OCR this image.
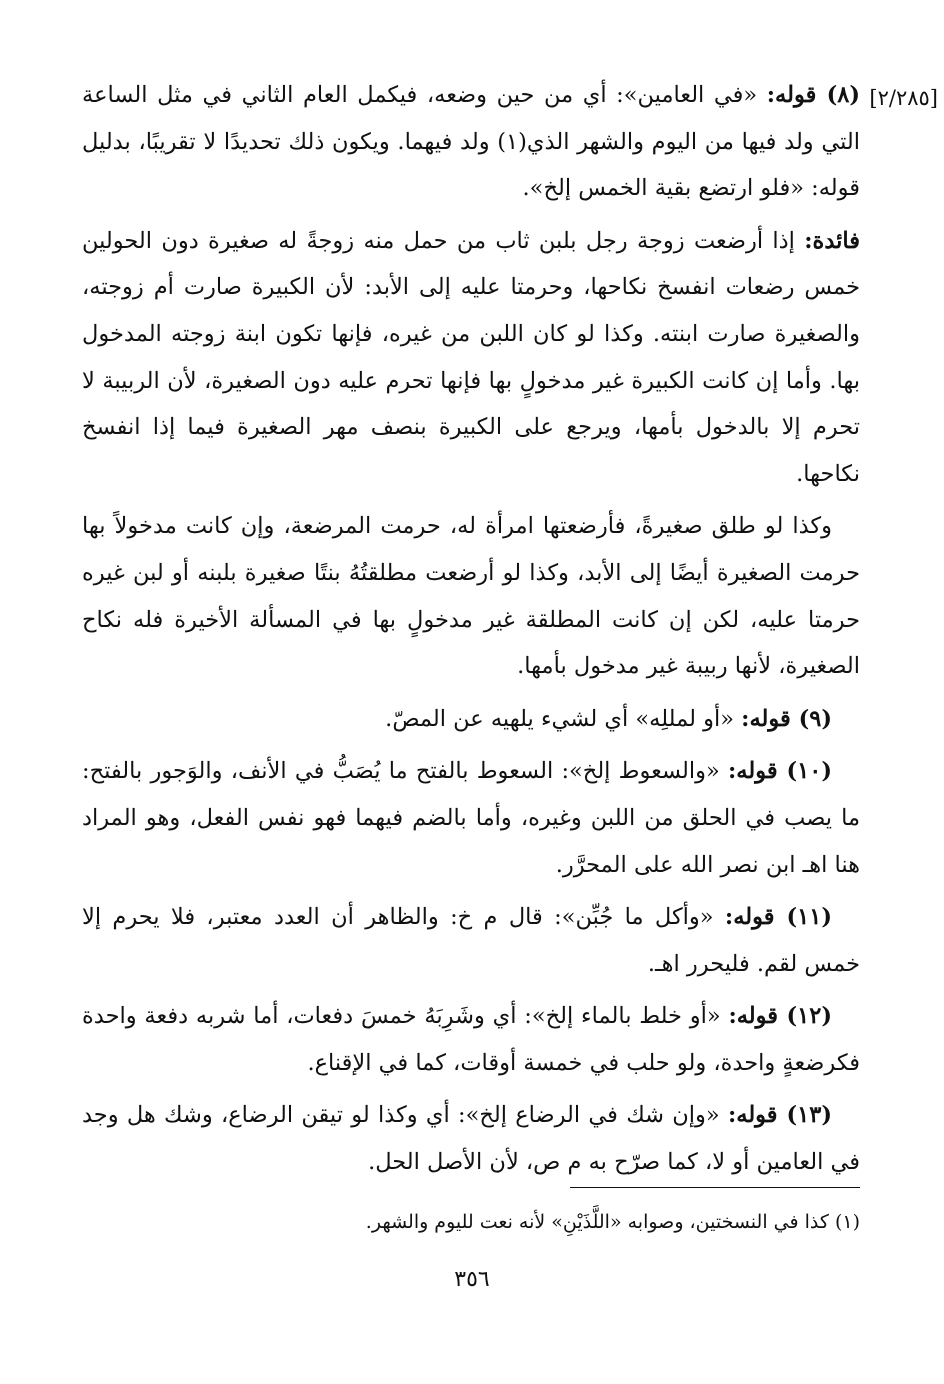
[٢/٢٨٥]

(٨) قوله: «في العامين»: أي من حين وضعه، فيكمل العام الثاني في مثل الساعة التي ولد فيها من اليوم والشهر الذي(١) ولد فيهما. ويكون ذلك تحديدًا لا تقريبًا، بدليل قوله: «فلو ارتضع بقية الخمس إلخ».

فائدة: إذا أرضعت زوجة رجل بلبن ثاب من حمل منه زوجةً له صغيرة دون الحولين خمس رضعات انفسخ نكاحها، وحرمتا عليه إلى الأبد: لأن الكبيرة صارت أم زوجته، والصغيرة صارت ابنته. وكذا لو كان اللبن من غيره، فإنها تكون ابنة زوجته المدخول بها. وأما إن كانت الكبيرة غير مدخولٍ بها فإنها تحرم عليه دون الصغيرة، لأن الربيبة لا تحرم إلا بالدخول بأمها، ويرجع على الكبيرة بنصف مهر الصغيرة فيما إذا انفسخ نكاحها.

وكذا لو طلق صغيرةً، فأرضعتها امرأة له، حرمت المرضعة، وإن كانت مدخولاً بها حرمت الصغيرة أيضًا إلى الأبد، وكذا لو أرضعت مطلقتُهُ بنتًا صغيرة بلبنه أو لبن غيره حرمتا عليه، لكن إن كانت المطلقة غير مدخولٍ بها في المسألة الأخيرة فله نكاح الصغيرة، لأنها ربيبة غير مدخول بأمها.

(٩) قوله: «أو لمللِه» أي لشيء يلهيه عن المصّ.

(١٠) قوله: «والسعوط إلخ»: السعوط بالفتح ما يُصَبُّ في الأنف، والوَجور بالفتح: ما يصب في الحلق من اللبن وغيره، وأما بالضم فيهما فهو نفس الفعل، وهو المراد هنا اهـ ابن نصر الله على المحرَّر.

(١١) قوله: «وأكل ما جُبِّن»: قال م خ: والظاهر أن العدد معتبر، فلا يحرم إلا خمس لقم. فليحرر اهـ.

(١٢) قوله: «أو خلط بالماء إلخ»: أي وشَرِبَهُ خمسَ دفعات، أما شربه دفعة واحدة فكرضعةٍ واحدة، ولو حلب في خمسة أوقات، كما في الإقناع.

(١٣) قوله: «وإن شك في الرضاع إلخ»: أي وكذا لو تيقن الرضاع، وشك هل وجد في العامين أو لا، كما صرّح به م ص، لأن الأصل الحل.

(١) كذا في النسختين، وصوابه «اللَّذَيْنِ» لأنه نعت لليوم والشهر.
٣٥٦
